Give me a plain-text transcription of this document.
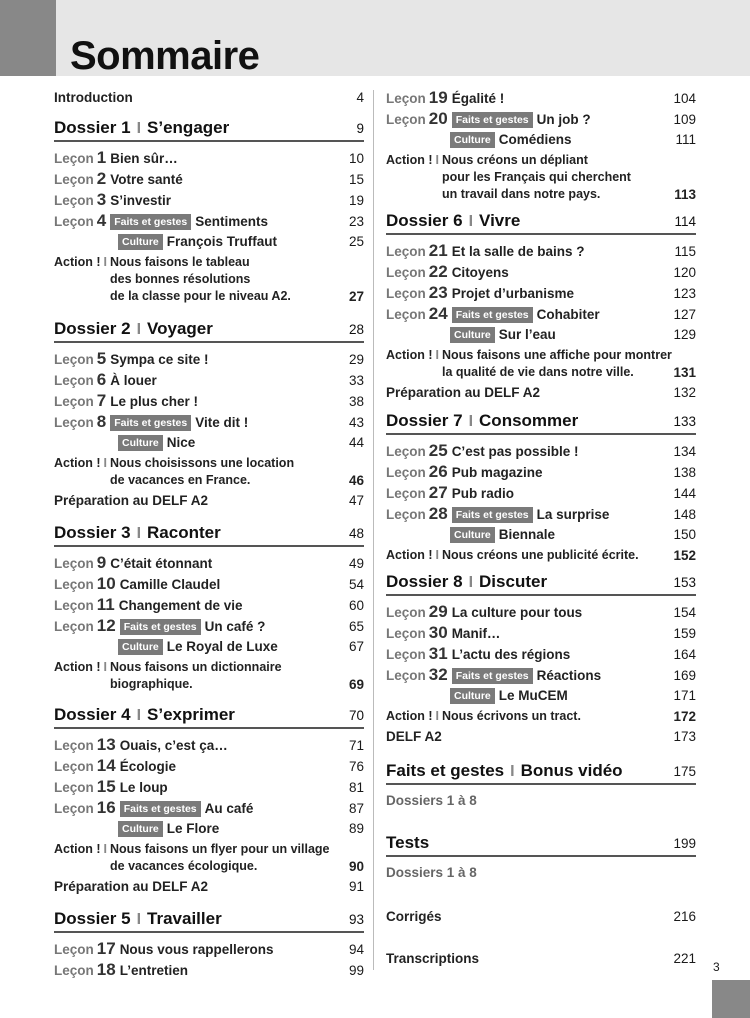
Sommaire
Introduction	4
Dossier 1 I S’engager	9
Leçon 1 Bien sûr…	10
Leçon 2 Votre santé	15
Leçon 3 S’investir	19
Leçon 4 Faits et gestes Sentiments	23
Culture François Truffaut	25
Action ! I Nous faisons le tableau
des bonnes résolutions
de la classe pour le niveau A2.	27
Dossier 2 I Voyager	28
Leçon 5 Sympa ce site !	29
Leçon 6 À louer	33
Leçon 7 Le plus cher !	38
Leçon 8 Faits et gestes Vite dit !	43
Culture Nice	44
Action ! I Nous choisissons une location
de vacances en France.	46
Préparation au DELF A2	47
Dossier 3 I Raconter	48
Leçon 9 C’était étonnant	49
Leçon 10 Camille Claudel	54
Leçon 11 Changement de vie	60
Leçon 12 Faits et gestes Un café ?	65
Culture Le Royal de Luxe	67
Action ! I Nous faisons un dictionnaire
biographique.	69
Dossier 4 I S’exprimer	70
Leçon 13 Ouais, c’est ça…	71
Leçon 14 Écologie	76
Leçon 15 Le loup	81
Leçon 16 Faits et gestes Au café	87
Culture Le Flore	89
Action ! I Nous faisons un flyer pour un village
de vacances écologique.	90
Préparation au DELF A2	91
Dossier 5 I Travailler	93
Leçon 17 Nous vous rappellerons	94
Leçon 18 L’entretien	99
Leçon 19 Égalité !	104
Leçon 20 Faits et gestes Un job ?	109
Culture Comédiens	111
Action ! I Nous créons un dépliant
pour les Français qui cherchent
un travail dans notre pays.	113
Dossier 6 I Vivre	114
Leçon 21 Et la salle de bains ?	115
Leçon 22 Citoyens	120
Leçon 23 Projet d’urbanisme	123
Leçon 24 Faits et gestes Cohabiter	127
Culture Sur l’eau	129
Action ! I Nous faisons une affiche pour montrer
la qualité de vie dans notre ville.	131
Préparation au DELF A2	132
Dossier 7 I Consommer	133
Leçon 25 C’est pas possible !	134
Leçon 26 Pub magazine	138
Leçon 27 Pub radio	144
Leçon 28 Faits et gestes La surprise	148
Culture Biennale	150
Action ! I Nous créons une publicité écrite.	152
Dossier 8 I Discuter	153
Leçon 29 La culture pour tous	154
Leçon 30 Manif…	159
Leçon 31 L’actu des régions	164
Leçon 32 Faits et gestes Réactions	169
Culture Le MuCEM	171
Action ! I Nous écrivons un tract.	172
DELF A2	173
Faits et gestes I Bonus vidéo	175
Dossiers 1 à 8
Tests	199
Dossiers 1 à 8
Corrigés	216
Transcriptions	221
3
